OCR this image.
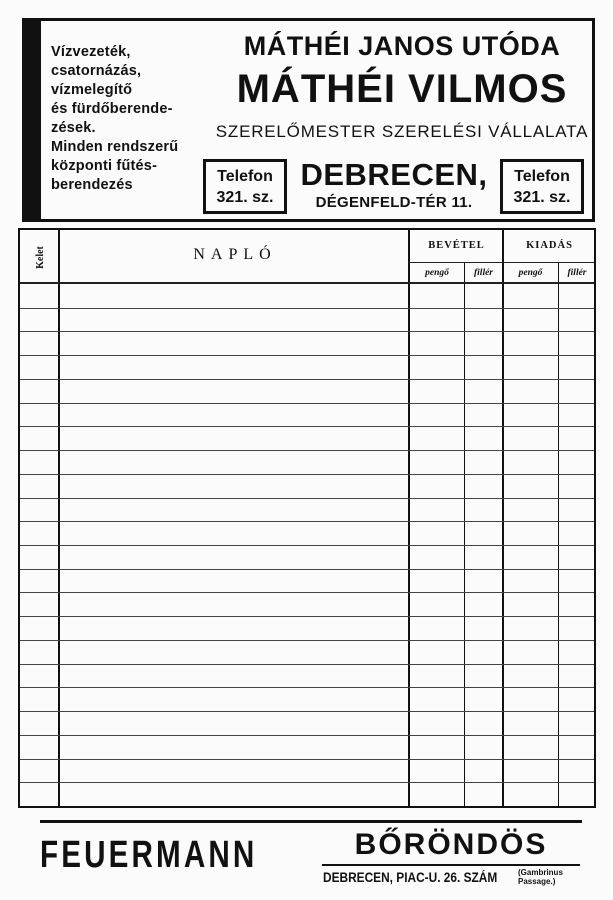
Vízvezeték,
csatornázás,
vízmelegítő
és fürdőberende-
zések.
Minden rendszerű
központi fűtés-
berendezés
MÁTHÉI JANOS UTÓDA
MÁTHÉI VILMOS
SZERELŐMESTER SZERELÉSI VÁLLALATA
Telefon
321. sz.
DEBRECEN,
DÉGENFELD-TÉR 11.
Telefon
321. sz.
Kelet	NAPLÓ
BEVÉTEL	KIADÁS
pengő	fillér	pengő	fillér
FEUERMANN	BŐRÖNDÖS
DEBRECEN, PIAC-U. 26. SZÁM	(Gambrinus
Passage.)
